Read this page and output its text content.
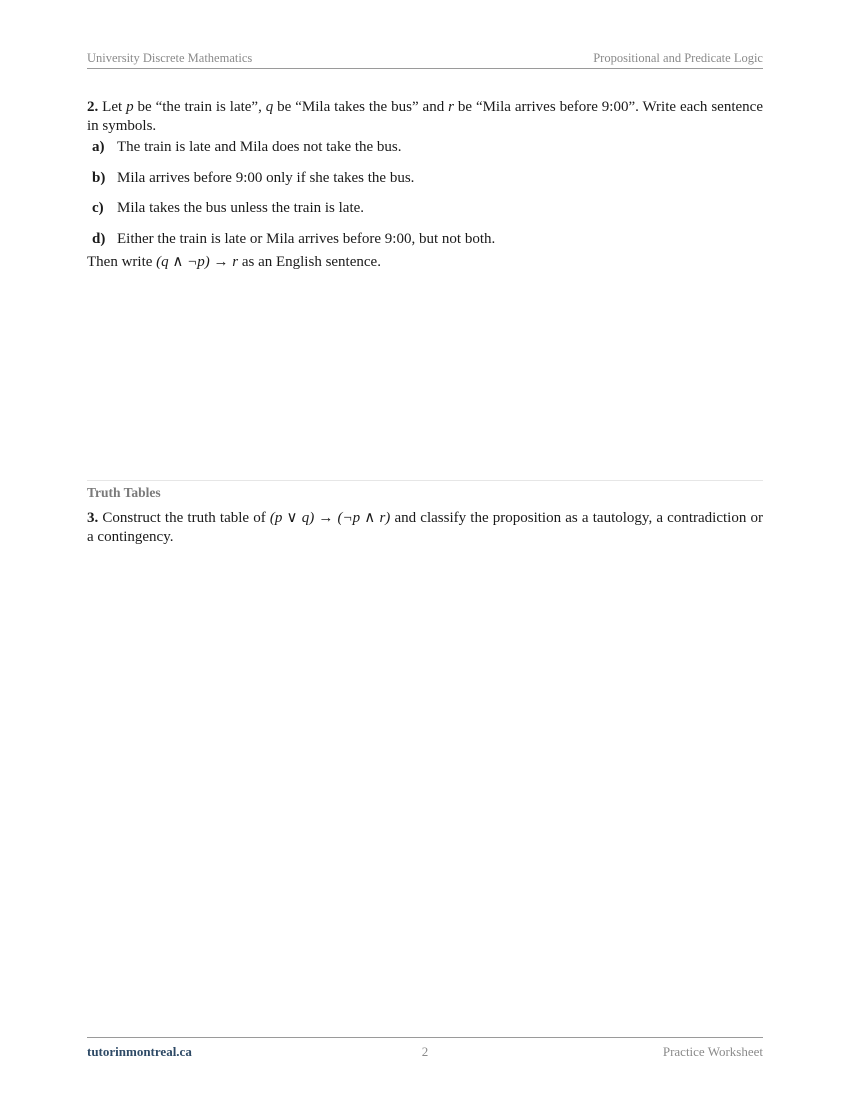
University Discrete Mathematics	Propositional and Predicate Logic

2. Let p be “the train is late”, q be “Mila takes the bus” and r be “Mila arrives before 9:00”. Write each sentence in symbols.

a) The train is late and Mila does not take the bus.
b) Mila arrives before 9:00 only if she takes the bus.
c) Mila takes the bus unless the train is late.
d) Either the train is late or Mila arrives before 9:00, but not both.

Then write (q ∧ ¬p) → r as an English sentence.

Truth Tables

3. Construct the truth table of (p ∨ q) → (¬p ∧ r) and classify the proposition as a tautology, a contradiction or a contingency.

tutorinmontreal.ca	2	Practice Worksheet
